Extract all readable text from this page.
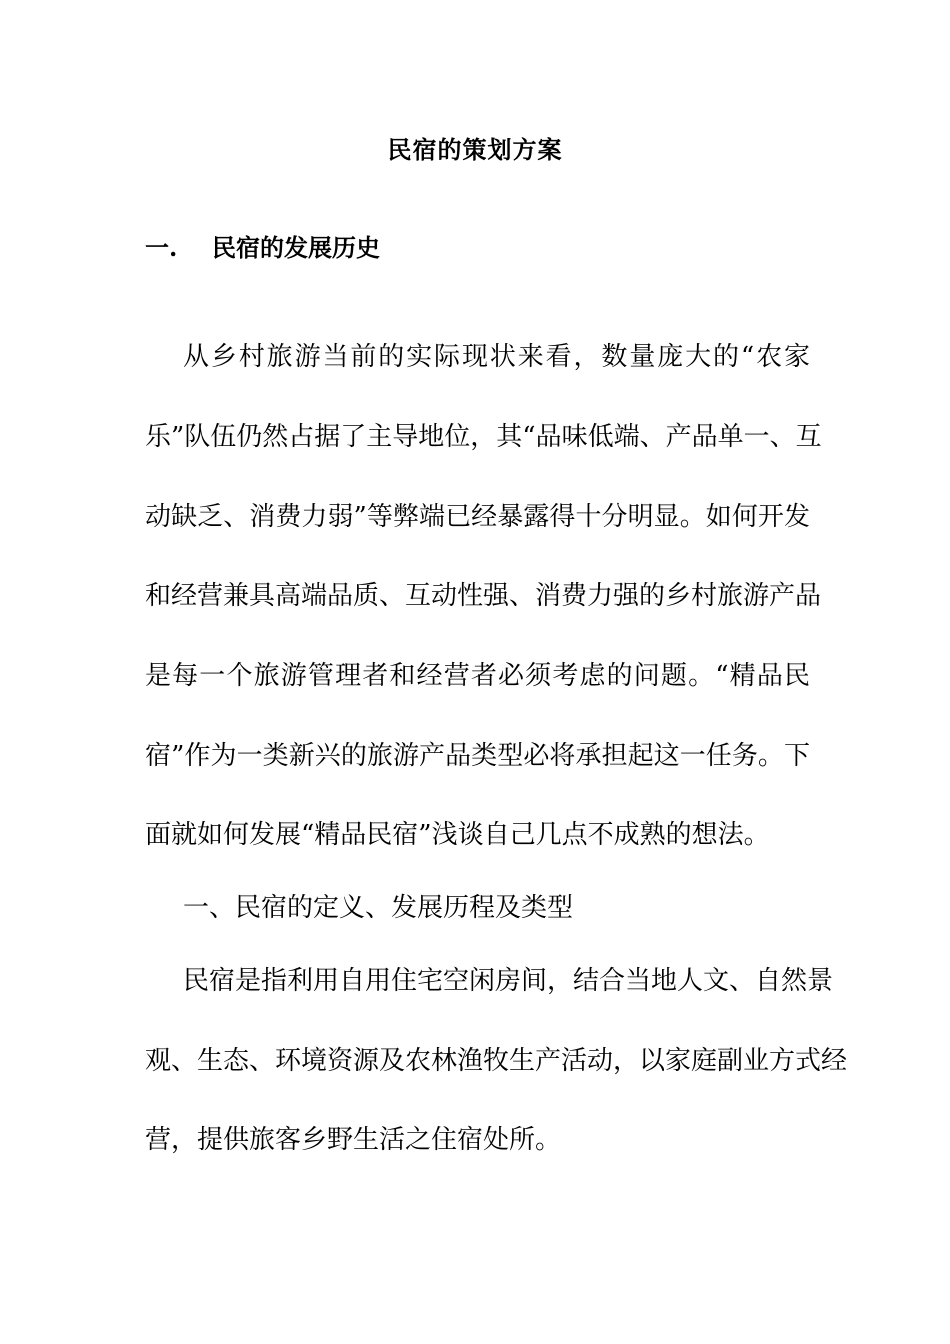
民宿的策划方案
一. 民宿的发展历史
从乡村旅游当前的实际现状来看，数量庞大的“农家
乐”队伍仍然占据了主导地位，其“品味低端、产品单一、互
动缺乏、消费力弱”等弊端已经暴露得十分明显。如何开发
和经营兼具高端品质、互动性强、消费力强的乡村旅游产品
是每一个旅游管理者和经营者必须考虑的问题。“精品民
宿”作为一类新兴的旅游产品类型必将承担起这一任务。下
面就如何发展“精品民宿”浅谈自己几点不成熟的想法。
一、民宿的定义、发展历程及类型
民宿是指利用自用住宅空闲房间，结合当地人文、自然景
观、生态、环境资源及农林渔牧生产活动，以家庭副业方式经
营，提供旅客乡野生活之住宿处所。
